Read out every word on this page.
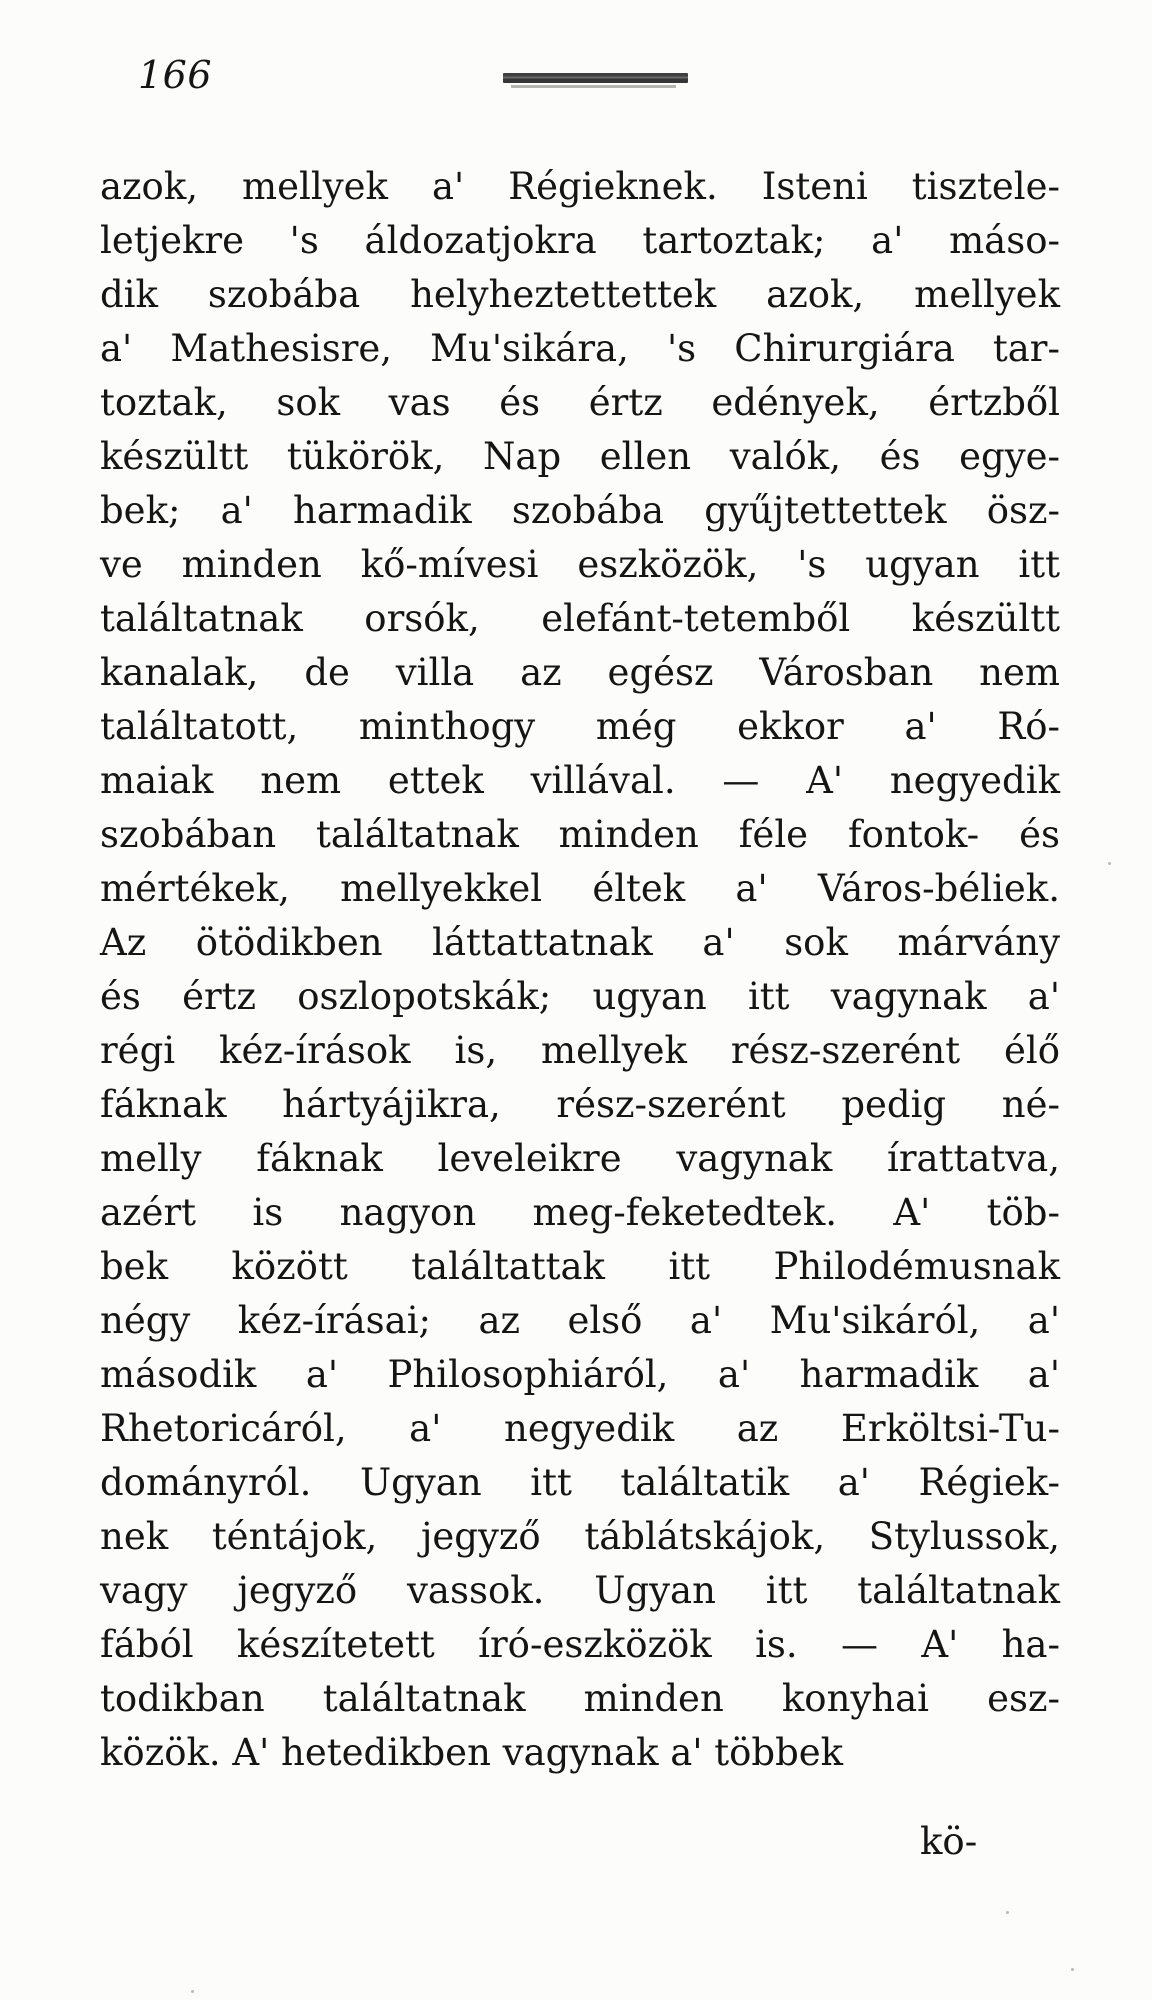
166
azok, mellyek a' Régieknek. Isteni tisztele-
letjekre 's áldozatjokra tartoztak; a' máso-
dik szobába helyheztettettek azok, mellyek
a' Mathesisre, Mu'sikára, 's Chirurgiára tar-
toztak, sok vas és értz edények, értzből
készültt tükörök, Nap ellen valók, és egye-
bek; a' harmadik szobába gyűjtettettek ösz-
ve minden kő-mívesi eszközök, 's ugyan itt
találtatnak orsók, elefánt-tetemből készültt
kanalak, de villa az egész Városban nem
találtatott, minthogy még ekkor a' Ró-
maiak nem ettek villával. — A' negyedik
szobában találtatnak minden féle fontok- és
mértékek, mellyekkel éltek a' Város-béliek.
Az ötödikben láttattatnak a' sok márvány
és értz oszlopotskák; ugyan itt vagynak a'
régi kéz-írások is, mellyek rész-szerént élő
fáknak hártyájikra, rész-szerént pedig né-
melly fáknak leveleikre vagynak írattatva,
azért is nagyon meg-feketedtek. A' töb-
bek között találtattak itt Philodémusnak
négy kéz-írásai; az első a' Mu'sikáról, a'
második a' Philosophiáról, a' harmadik a'
Rhetoricáról, a' negyedik az Erköltsi-Tu-
dományról. Ugyan itt találtatik a' Régiek-
nek téntájok, jegyző táblátskájok, Stylussok,
vagy jegyző vassok. Ugyan itt találtatnak
fából készítetett író-eszközök is. — A' ha-
todikban találtatnak minden konyhai esz-
közök. A' hetedikben vagynak a' többek
kö-
